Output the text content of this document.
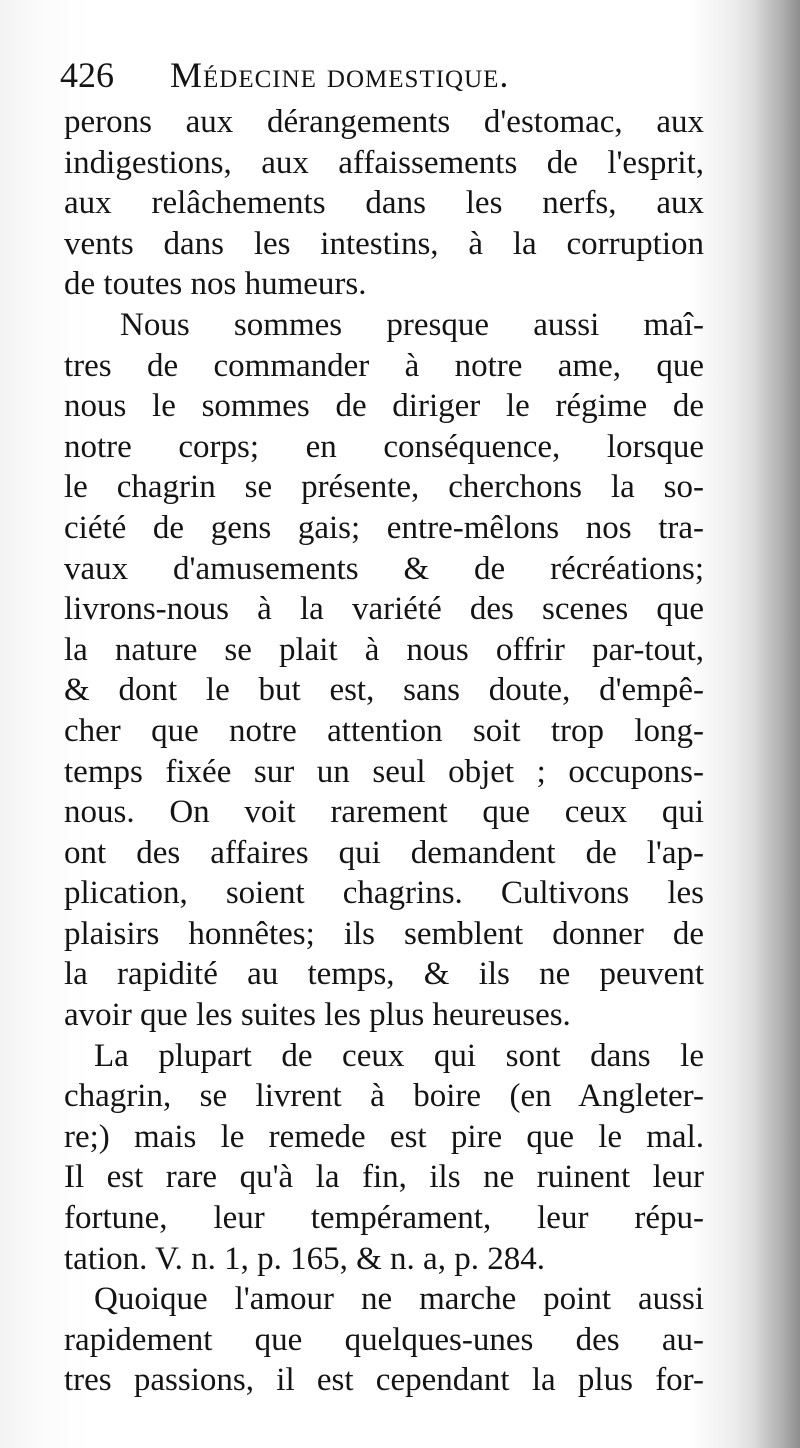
426 Médecine domestique.
perons aux dérangements d'estomac, aux
indigestions, aux affaissements de l'esprit,
aux relâchements dans les nerfs, aux
vents dans les intestins, à la corruption
de toutes nos humeurs.
Nous sommes presque aussi maî-
tres de commander à notre ame, que
nous le sommes de diriger le régime de
notre corps; en conséquence, lorsque
le chagrin se présente, cherchons la so-
ciété de gens gais; entre-mêlons nos tra-
vaux d'amusements & de récréations;
livrons-nous à la variété des scenes que
la nature se plait à nous offrir par-tout,
& dont le but est, sans doute, d'empê-
cher que notre attention soit trop long-
temps fixée sur un seul objet ; occupons-
nous. On voit rarement que ceux qui
ont des affaires qui demandent de l'ap-
plication, soient chagrins. Cultivons les
plaisirs honnêtes; ils semblent donner de
la rapidité au temps, & ils ne peuvent
avoir que les suites les plus heureuses.
La plupart de ceux qui sont dans le
chagrin, se livrent à boire (en Angleter-
re;) mais le remede est pire que le mal.
Il est rare qu'à la fin, ils ne ruinent leur
fortune, leur tempérament, leur répu-
tation. V. n. 1, p. 165, & n. a, p. 284.
Quoique l'amour ne marche point aussi
rapidement que quelques-unes des au-
tres passions, il est cependant la plus for-
